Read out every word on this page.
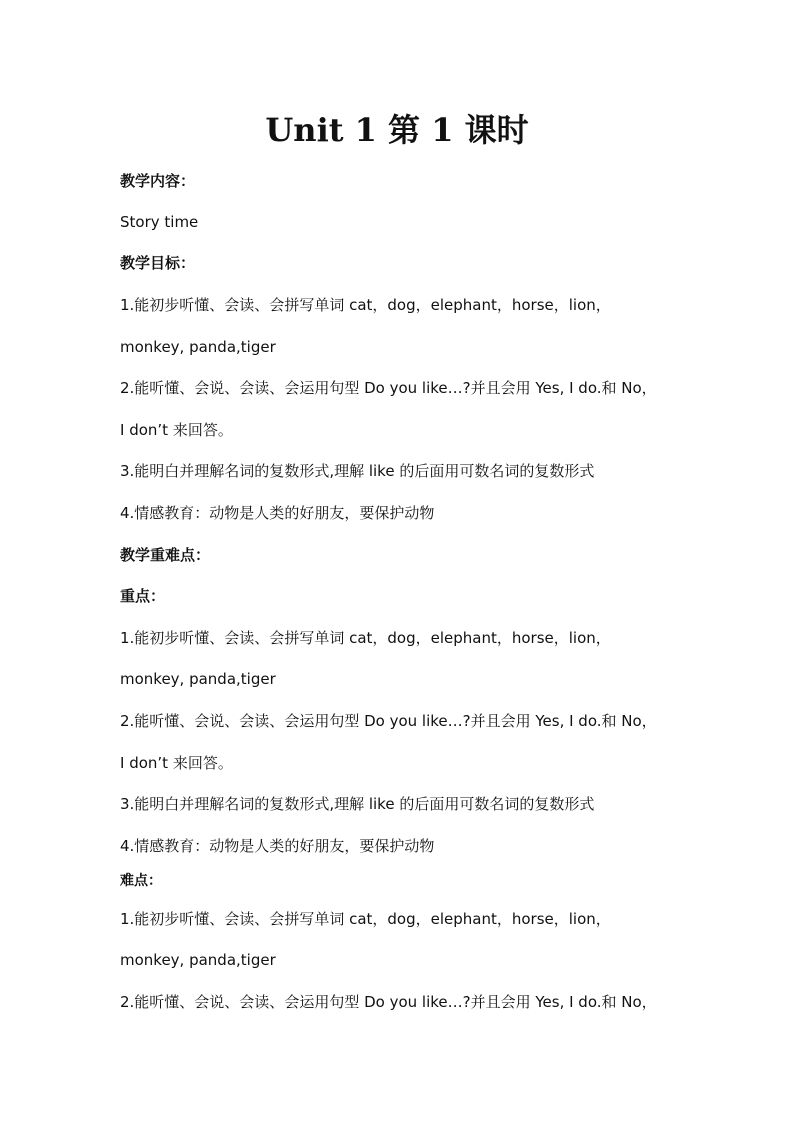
Unit 1 第 1 课时
教学内容：
Story time
教学目标：
1.能初步听懂、会读、会拼写单词 cat，dog，elephant，horse，lion，
monkey, panda,tiger
2.能听懂、会说、会读、会运用句型 Do you like…?并且会用 Yes, I do.和 No，
I don’t 来回答。
3.能明白并理解名词的复数形式,理解 like 的后面用可数名词的复数形式
4.情感教育：动物是人类的好朋友，要保护动物
教学重难点：
重点：
1.能初步听懂、会读、会拼写单词 cat，dog，elephant，horse，lion，
monkey, panda,tiger
2.能听懂、会说、会读、会运用句型 Do you like…?并且会用 Yes, I do.和 No，
I don’t 来回答。
3.能明白并理解名词的复数形式,理解 like 的后面用可数名词的复数形式
4.情感教育：动物是人类的好朋友，要保护动物
难点：
1.能初步听懂、会读、会拼写单词 cat，dog，elephant，horse，lion，
monkey, panda,tiger
2.能听懂、会说、会读、会运用句型 Do you like…?并且会用 Yes, I do.和 No，
